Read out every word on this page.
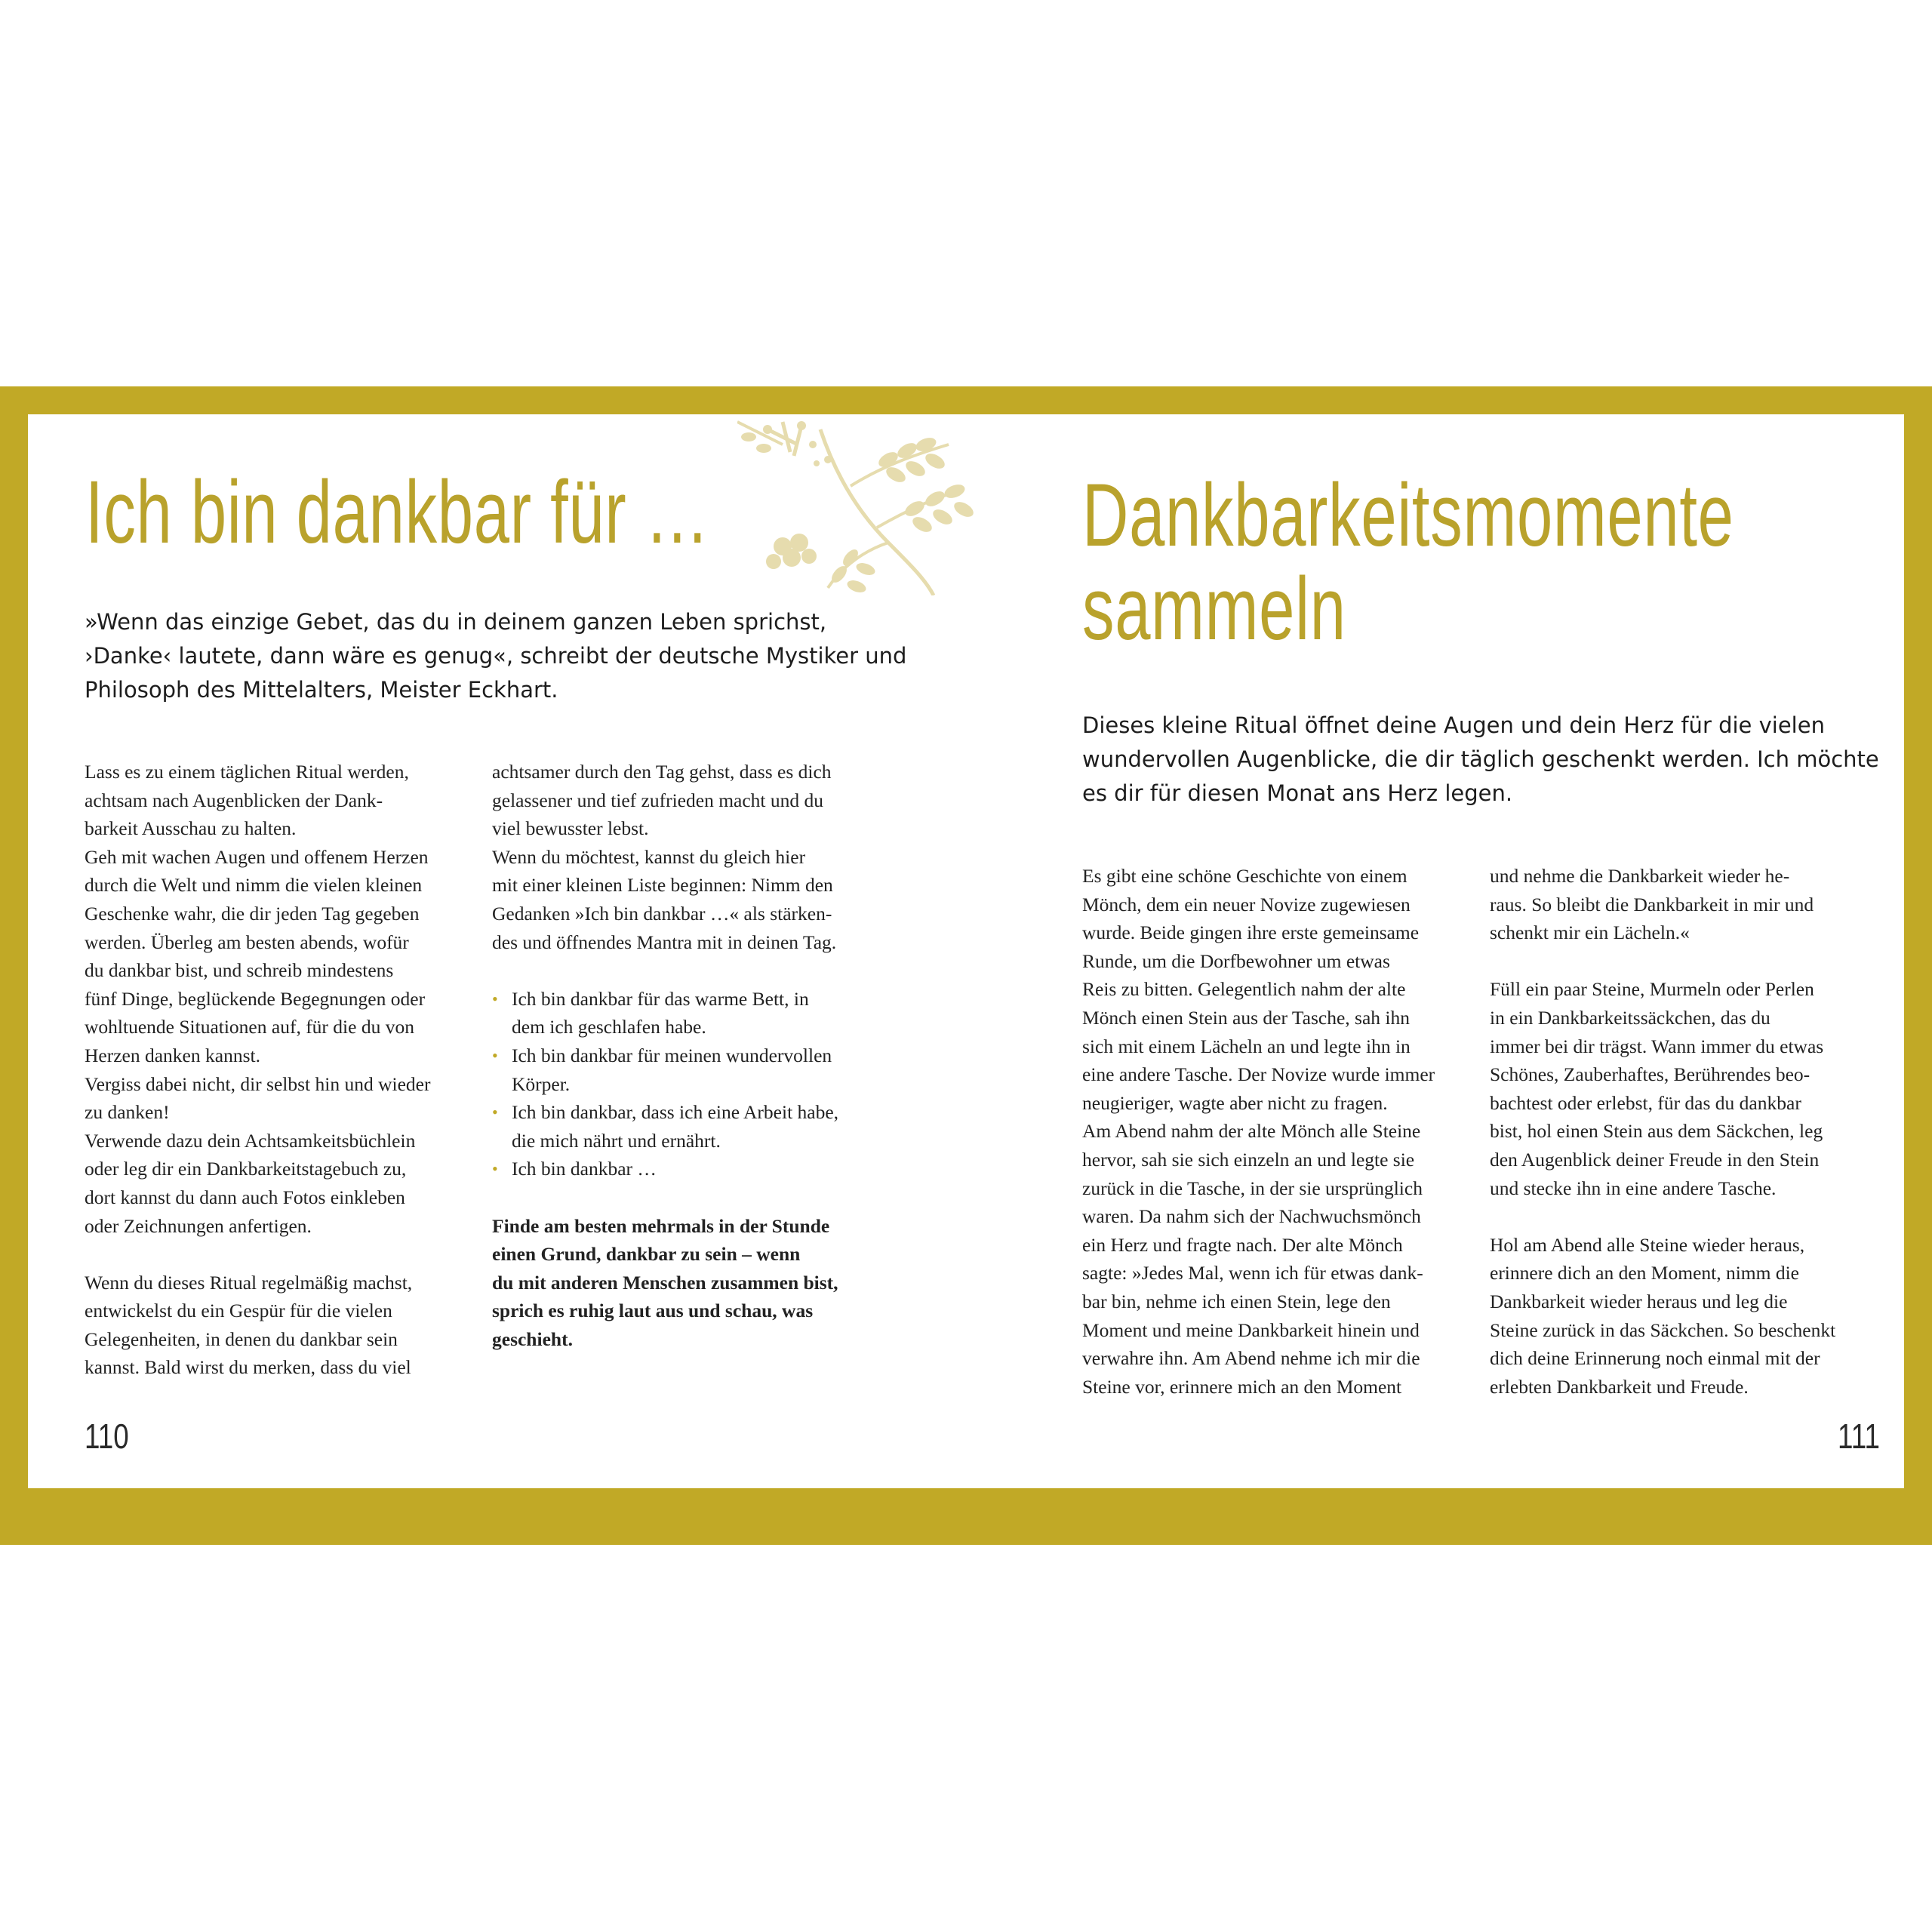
Ich bin dankbar für …
»Wenn das einzige Gebet, das du in deinem ganzen Leben sprichst, ›Danke‹ lautete, dann wäre es genug«, schreibt der deutsche Mystiker und Philosoph des Mittelalters, Meister Eckhart.

Lass es zu einem täglichen Ritual werden,

achtsam nach Augenblicken der Dank-

barkeit Ausschau zu halten.

Geh mit wachen Augen und offenem Herzen

durch die Welt und nimm die vielen kleinen

Geschenke wahr, die dir jeden Tag gegeben

werden. Überleg am besten abends, wofür

du dankbar bist, und schreib mindestens

fünf Dinge, beglückende Begegnungen oder

wohltuende Situationen auf, für die du von

Herzen danken kannst.

Vergiss dabei nicht, dir selbst hin und wieder

zu danken!

Verwende dazu dein Achtsamkeitsbüchlein

oder leg dir ein Dankbarkeitstagebuch zu,

dort kannst du dann auch Fotos einkleben

oder Zeichnungen anfertigen.

Wenn du dieses Ritual regelmäßig machst,

entwickelst du ein Gespür für die vielen

Gelegenheiten, in denen du dankbar sein

kannst. Bald wirst du merken, dass du viel

achtsamer durch den Tag gehst, dass es dich

gelassener und tief zufrieden macht und du

viel bewusster lebst.

Wenn du möchtest, kannst du gleich hier

mit einer kleinen Liste beginnen: Nimm den

Gedanken »Ich bin dankbar …« als stärken-

des und öffnendes Mantra mit in deinen Tag.

• Ich bin dankbar für das warme Bett, in
dem ich geschlafen habe.
• Ich bin dankbar für meinen wundervollen
Körper.
• Ich bin dankbar, dass ich eine Arbeit habe,
die mich nährt und ernährt.
• Ich bin dankbar …

Finde am besten mehrmals in der Stunde

einen Grund, dankbar zu sein – wenn

du mit anderen Menschen zusammen bist,

sprich es ruhig laut aus und schau, was

geschieht.

110
Dankbarkeitsmomente
sammeln
Dieses kleine Ritual öffnet deine Augen und dein Herz für die vielen wundervollen Augenblicke, die dir täglich geschenkt werden. Ich möchte es dir für diesen Monat ans Herz legen.

Es gibt eine schöne Geschichte von einem

Mönch, dem ein neuer Novize zugewiesen

wurde. Beide gingen ihre erste gemeinsame

Runde, um die Dorfbewohner um etwas

Reis zu bitten. Gelegentlich nahm der alte

Mönch einen Stein aus der Tasche, sah ihn

sich mit einem Lächeln an und legte ihn in

eine andere Tasche. Der Novize wurde immer

neugieriger, wagte aber nicht zu fragen.

Am Abend nahm der alte Mönch alle Steine

hervor, sah sie sich einzeln an und legte sie

zurück in die Tasche, in der sie ursprünglich

waren. Da nahm sich der Nachwuchsmönch

ein Herz und fragte nach. Der alte Mönch

sagte: »Jedes Mal, wenn ich für etwas dank-

bar bin, nehme ich einen Stein, lege den

Moment und meine Dankbarkeit hinein und

verwahre ihn. Am Abend nehme ich mir die

Steine vor, erinnere mich an den Moment

und nehme die Dankbarkeit wieder he-

raus. So bleibt die Dankbarkeit in mir und

schenkt mir ein Lächeln.«

Füll ein paar Steine, Murmeln oder Perlen

in ein Dankbarkeitssäckchen, das du

immer bei dir trägst. Wann immer du etwas

Schönes, Zauberhaftes, Berührendes beo-

bachtest oder erlebst, für das du dankbar

bist, hol einen Stein aus dem Säckchen, leg

den Augenblick deiner Freude in den Stein

und stecke ihn in eine andere Tasche.

Hol am Abend alle Steine wieder heraus,

erinnere dich an den Moment, nimm die

Dankbarkeit wieder heraus und leg die

Steine zurück in das Säckchen. So beschenkt

dich deine Erinnerung noch einmal mit der

erlebten Dankbarkeit und Freude.

111
